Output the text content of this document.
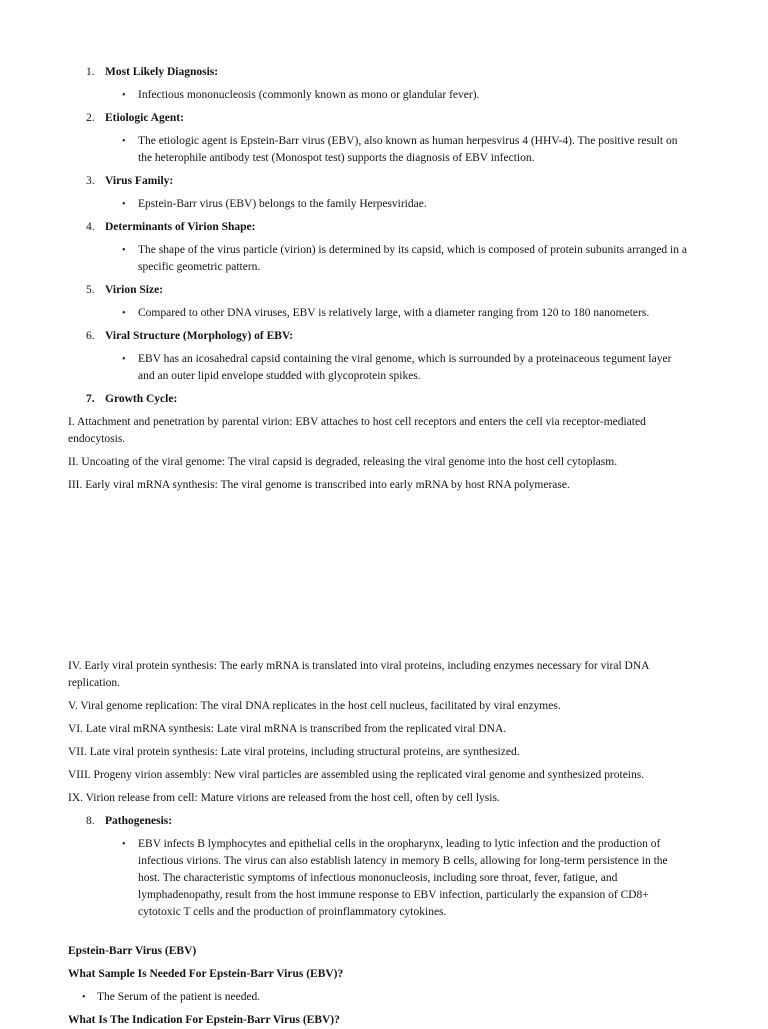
1. Most Likely Diagnosis:
•	Infectious mononucleosis (commonly known as mono or glandular fever).
2. Etiologic Agent:
•	The etiologic agent is Epstein-Barr virus (EBV), also known as human herpesvirus 4 (HHV-4). The positive result on the heterophile antibody test (Monospot test) supports the diagnosis of EBV infection.
3. Virus Family:
•	Epstein-Barr virus (EBV) belongs to the family Herpesviridae.
4. Determinants of Virion Shape:
•	The shape of the virus particle (virion) is determined by its capsid, which is composed of protein subunits arranged in a specific geometric pattern.
5. Virion Size:
•	Compared to other DNA viruses, EBV is relatively large, with a diameter ranging from 120 to 180 nanometers.
6. Viral Structure (Morphology) of EBV:
•	EBV has an icosahedral capsid containing the viral genome, which is surrounded by a proteinaceous tegument layer and an outer lipid envelope studded with glycoprotein spikes.
7. Growth Cycle:

I. Attachment and penetration by parental virion: EBV attaches to host cell receptors and enters the cell via receptor-mediated endocytosis.

II. Uncoating of the viral genome: The viral capsid is degraded, releasing the viral genome into the host cell cytoplasm.

III. Early viral mRNA synthesis: The viral genome is transcribed into early mRNA by host RNA polymerase.

IV. Early viral protein synthesis: The early mRNA is translated into viral proteins, including enzymes necessary for viral DNA replication.

V. Viral genome replication: The viral DNA replicates in the host cell nucleus, facilitated by viral enzymes.

VI. Late viral mRNA synthesis: Late viral mRNA is transcribed from the replicated viral DNA.

VII. Late viral protein synthesis: Late viral proteins, including structural proteins, are synthesized.

VIII. Progeny virion assembly: New viral particles are assembled using the replicated viral genome and synthesized proteins.

IX. Virion release from cell: Mature virions are released from the host cell, often by cell lysis.

8. Pathogenesis:
•	EBV infects B lymphocytes and epithelial cells in the oropharynx, leading to lytic infection and the production of infectious virions. The virus can also establish latency in memory B cells, allowing for long-term persistence in the host. The characteristic symptoms of infectious mononucleosis, including sore throat, fever, fatigue, and lymphadenopathy, result from the host immune response to EBV infection, particularly the expansion of CD8+ cytotoxic T cells and the production of proinflammatory cytokines.

Epstein-Barr Virus (EBV)

What Sample Is Needed For Epstein-Barr Virus (EBV)?

• The Serum of the patient is needed.

What Is The Indication For Epstein-Barr Virus (EBV)?
